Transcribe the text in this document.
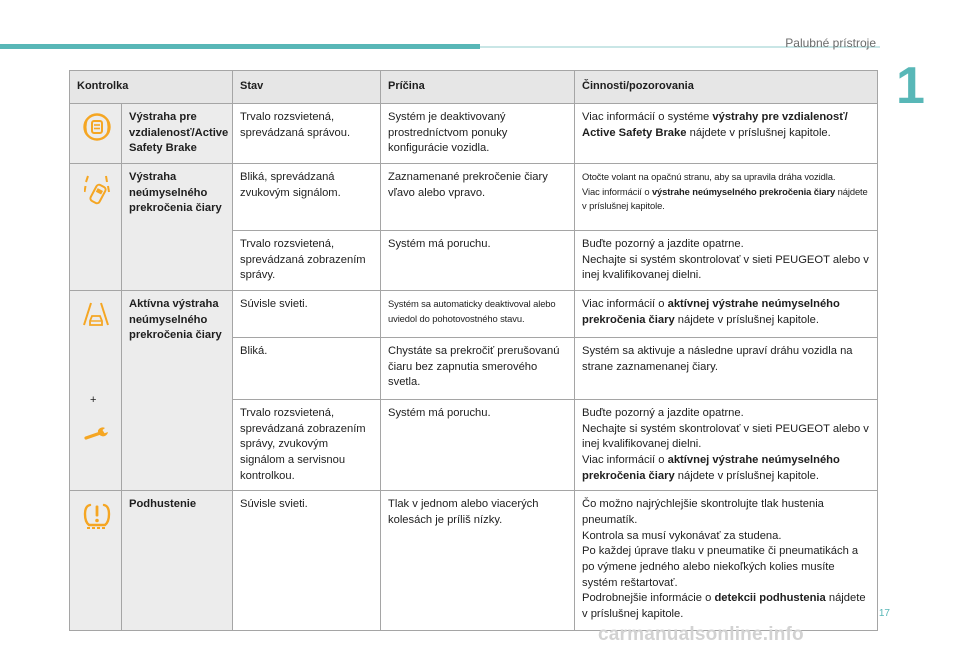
Palubné prístroje
1
Kontrolka		Stav	Príčina	Činnosti/pozorovania

	Výstraha pre vzdialenosť/Active Safety Brake	Trvalo rozsvietená, sprevádzaná správou.	Systém je deaktivovaný prostredníctvom ponuky konfigurácie vozidla.	Viac informácií o systéme výstrahy pre vzdialenosť/ Active Safety Brake nájdete v príslušnej kapitole.

	Výstraha neúmyselného prekročenia čiary	Bliká, sprevádzaná zvukovým signálom.	Zaznamenané prekročenie čiary vľavo alebo vpravo.	Otočte volant na opačnú stranu, aby sa upravila dráha vozidla.
Viac informácií o výstrahe neúmyselného prekročenia čiary nájdete v príslušnej kapitole.
		Trvalo rozsvietená, sprevádzaná zobrazením správy.	Systém má poruchu.	Buďte pozorný a jazdite opatrne.
Nechajte si systém skontrolovať v sieti PEUGEOT alebo v inej kvalifikovanej dielni.

+	Aktívna výstraha neúmyselného prekročenia čiary	Súvisle svieti.	Systém sa automaticky deaktivoval alebo uviedol do pohotovostného stavu.	Viac informácií o aktívnej výstrahe neúmyselného prekročenia čiary nájdete v príslušnej kapitole.
		Bliká.	Chystáte sa prekročiť prerušovanú čiaru bez zapnutia smerového svetla.	Systém sa aktivuje a následne upraví dráhu vozidla na strane zaznamenanej čiary.
		Trvalo rozsvietená, sprevádzaná zobrazením správy, zvukovým signálom a servisnou kontrolkou.	Systém má poruchu.	Buďte pozorný a jazdite opatrne.
Nechajte si systém skontrolovať v sieti PEUGEOT alebo v inej kvalifikovanej dielni.
Viac informácií o aktívnej výstrahe neúmyselného prekročenia čiary nájdete v príslušnej kapitole.

	Podhustenie	Súvisle svieti.	Tlak v jednom alebo viacerých kolesách je príliš nízky.	Čo možno najrýchlejšie skontrolujte tlak hustenia pneumatík.
Kontrola sa musí vykonávať za studena.
Po každej úprave tlaku v pneumatike či pneumatikách a po výmene jedného alebo niekoľkých kolies musíte systém reštartovať.
Podrobnejšie informácie o detekcii podhustenia nájdete v príslušnej kapitole.	17
carmanualsonline.info
